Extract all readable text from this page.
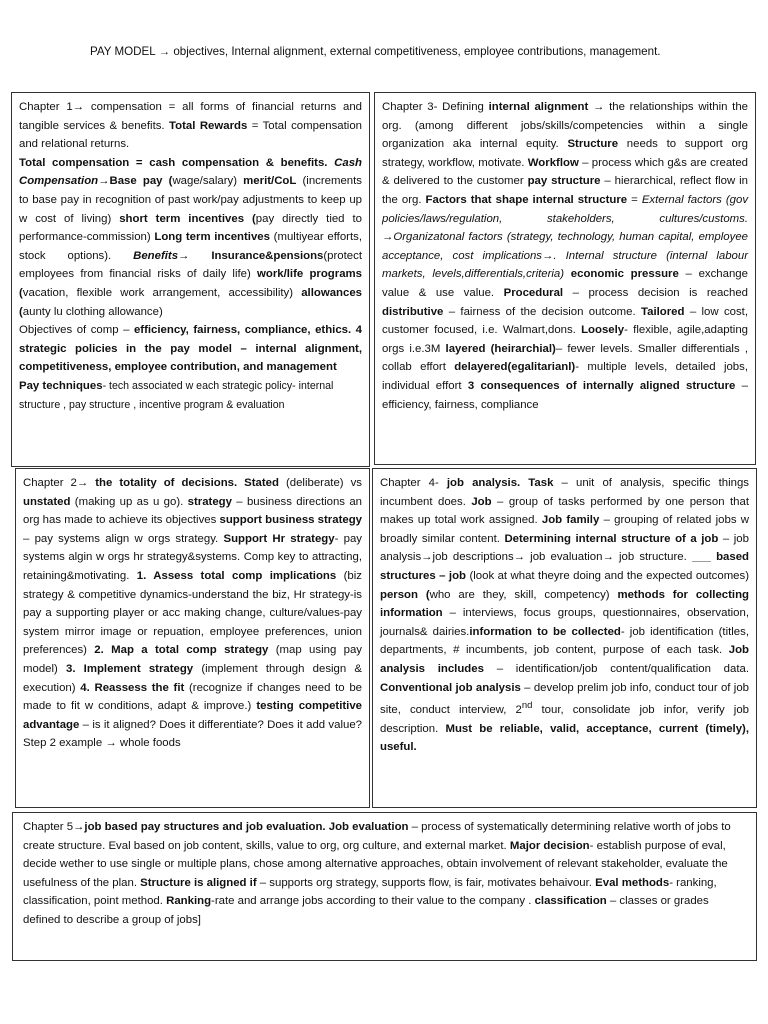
PAY MODEL → objectives, Internal alignment, external competitiveness, employee contributions, management.

Chapter 1→ compensation = all forms of financial returns and tangible services & benefits. Total Rewards = Total compensation and relational returns.

Total compensation = cash compensation & benefits. Cash Compensation→Base pay (wage/salary) merit/CoL (increments to base pay in recognition of past work/pay adjustments to keep up w cost of living) short term incentives (pay directly tied to performance-commission) Long term incentives (multiyear efforts, stock options). Benefits→ Insurance&pensions(protect employees from financial risks of daily life) work/life programs (vacation, flexible work arrangement, accessibility) allowances (aunty lu clothing allowance)

Objectives of comp – efficiency, fairness, compliance, ethics. 4 strategic policies in the pay model – internal alignment, competitiveness, employee contribution, and management

Pay techniques- tech associated w each strategic policy- internal structure , pay structure , incentive program & evaluation

Chapter 3- Defining internal alignment → the relationships within the org. (among different jobs/skills/competencies within a single organization aka internal equity. Structure needs to support org strategy, workflow, motivate. Workflow – process which g&s are created & delivered to the customer pay structure – hierarchical, reflect flow in the org. Factors that shape internal structure = External factors (gov policies/laws/regulation, stakeholders, cultures/customs. →Organizatonal factors (strategy, technology, human capital, employee acceptance, cost implications→. Internal structure (internal labour markets, levels,differentials,criteria) economic pressure – exchange value & use value. Procedural – process decision is reached distributive – fairness of the decision outcome. Tailored – low cost, customer focused, i.e. Walmart,dons. Loosely- flexible, agile,adapting orgs i.e.3M layered (heirarchial)– fewer levels. Smaller differentials , collab effort delayered(egalitarianl)- multiple levels, detailed jobs, individual effort 3 consequences of internally aligned structure – efficiency, fairness, compliance

Chapter 2→ the totality of decisions. Stated (deliberate) vs unstated (making up as u go). strategy – business directions an org has made to achieve its objectives support business strategy – pay systems align w orgs strategy. Support Hr strategy- pay systems algin w orgs hr strategy&systems. Comp key to attracting, retaining&motivating. 1. Assess total comp implications (biz strategy & competitive dynamics-understand the biz, Hr strategy-is pay a supporting player or acc making change, culture/values-pay system mirror image or repuation, employee preferences, union preferences) 2. Map a total comp strategy (map using pay model) 3. Implement strategy (implement through design & execution) 4. Reassess the fit (recognize if changes need to be made to fit w conditions, adapt & improve.) testing competitive advantage – is it aligned? Does it differentiate? Does it add value? Step 2 example → whole foods

Chapter 4- job analysis. Task – unit of analysis, specific things incumbent does. Job – group of tasks performed by one person that makes up total work assigned. Job family – grouping of related jobs w broadly similar content. Determining internal structure of a job – job analysis→job descriptions→ job evaluation→ job structure. ___ based structures – job (look at what theyre doing and the expected outcomes) person (who are they, skill, competency) methods for collecting information – interviews, focus groups, questionnaires, observation, journals& dairies.information to be collected- job identification (titles, departments, # incumbents, job content, purpose of each task. Job analysis includes – identification/job content/qualification data. Conventional job analysis – develop prelim job info, conduct tour of job site, conduct interview, 2nd tour, consolidate job infor, verify job description. Must be reliable, valid, acceptance, current (timely), useful.

Chapter 5→job based pay structures and job evaluation. Job evaluation – process of systematically determining relative worth of jobs to create structure. Eval based on job content, skills, value to org, org culture, and external market. Major decision- establish purpose of eval, decide wether to use single or multiple plans, chose among alternative approaches, obtain involvement of relevant stakeholder, evaluate the usefulness of the plan. Structure is aligned if – supports org strategy, supports flow, is fair, motivates behaivour. Eval methods- ranking, classification, point method. Ranking-rate and arrange jobs according to their value to the company . classification – classes or grades defined to describe a group of jobs]
